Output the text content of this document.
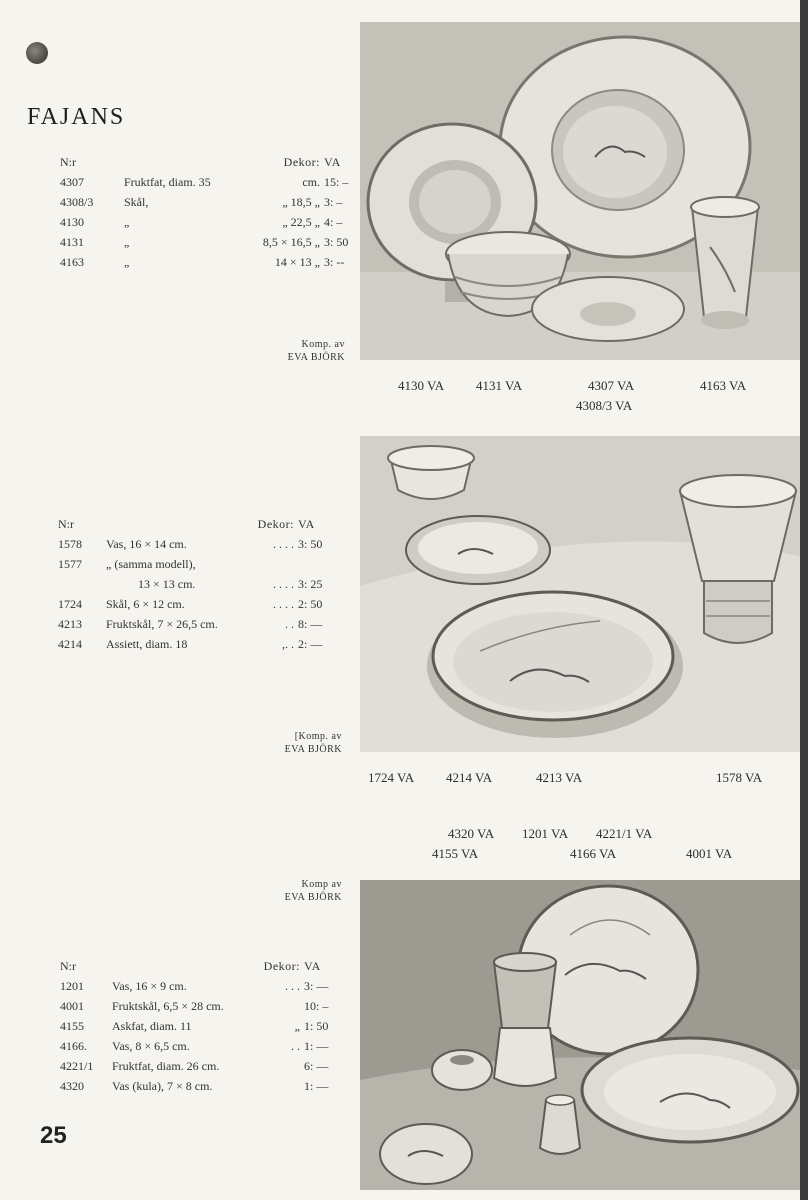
FAJANS
N:r		Dekor:	VA
4307	Fruktfat, diam. 35	cm.	15: –
4308/3	Skål,	„ 18,5 „	3: –
4130	„	„ 22,5 „	4: –
4131	„	8,5 × 16,5 „	3: 50
4163	„	14 × 13 „	3: --
Komp. av
EVA BJÖRK
4130 VA 4131 VA	4307 VA
4308/3 VA
4163 VA
N:r		Dekor:	VA
1578	Vas, 16 × 14 cm.	. . . .	3: 50
1577	„ (samma modell),		
	13 × 13 cm.	. . . .	3: 25
1724	Skål, 6 × 12 cm.	. . . .	2: 50
4213	Fruktskål, 7 × 26,5 cm.	. .	8: —
4214	Assiett, diam. 18	,. .	2: —
[Komp. av
EVA BJÖRK
1724 VA 4214 VA	4213 VA	1578 VA
4320 VA 1201 VA 4221/1 VA
4155 VA	4166 VA	4001 VA
Komp av
EVA BJÖRK
N:r		Dekor:	VA
1201	Vas, 16 × 9 cm.	. . .	3: —
4001	Fruktskål, 6,5 × 28 cm.		10: –
4155	Askfat, diam. 11	„	1: 50
4166.	Vas, 8 × 6,5 cm.	. .	1: —
4221/1	Fruktfat, diam. 26 cm.		6: —
4320	Vas (kula), 7 × 8 cm.		1: —
25
